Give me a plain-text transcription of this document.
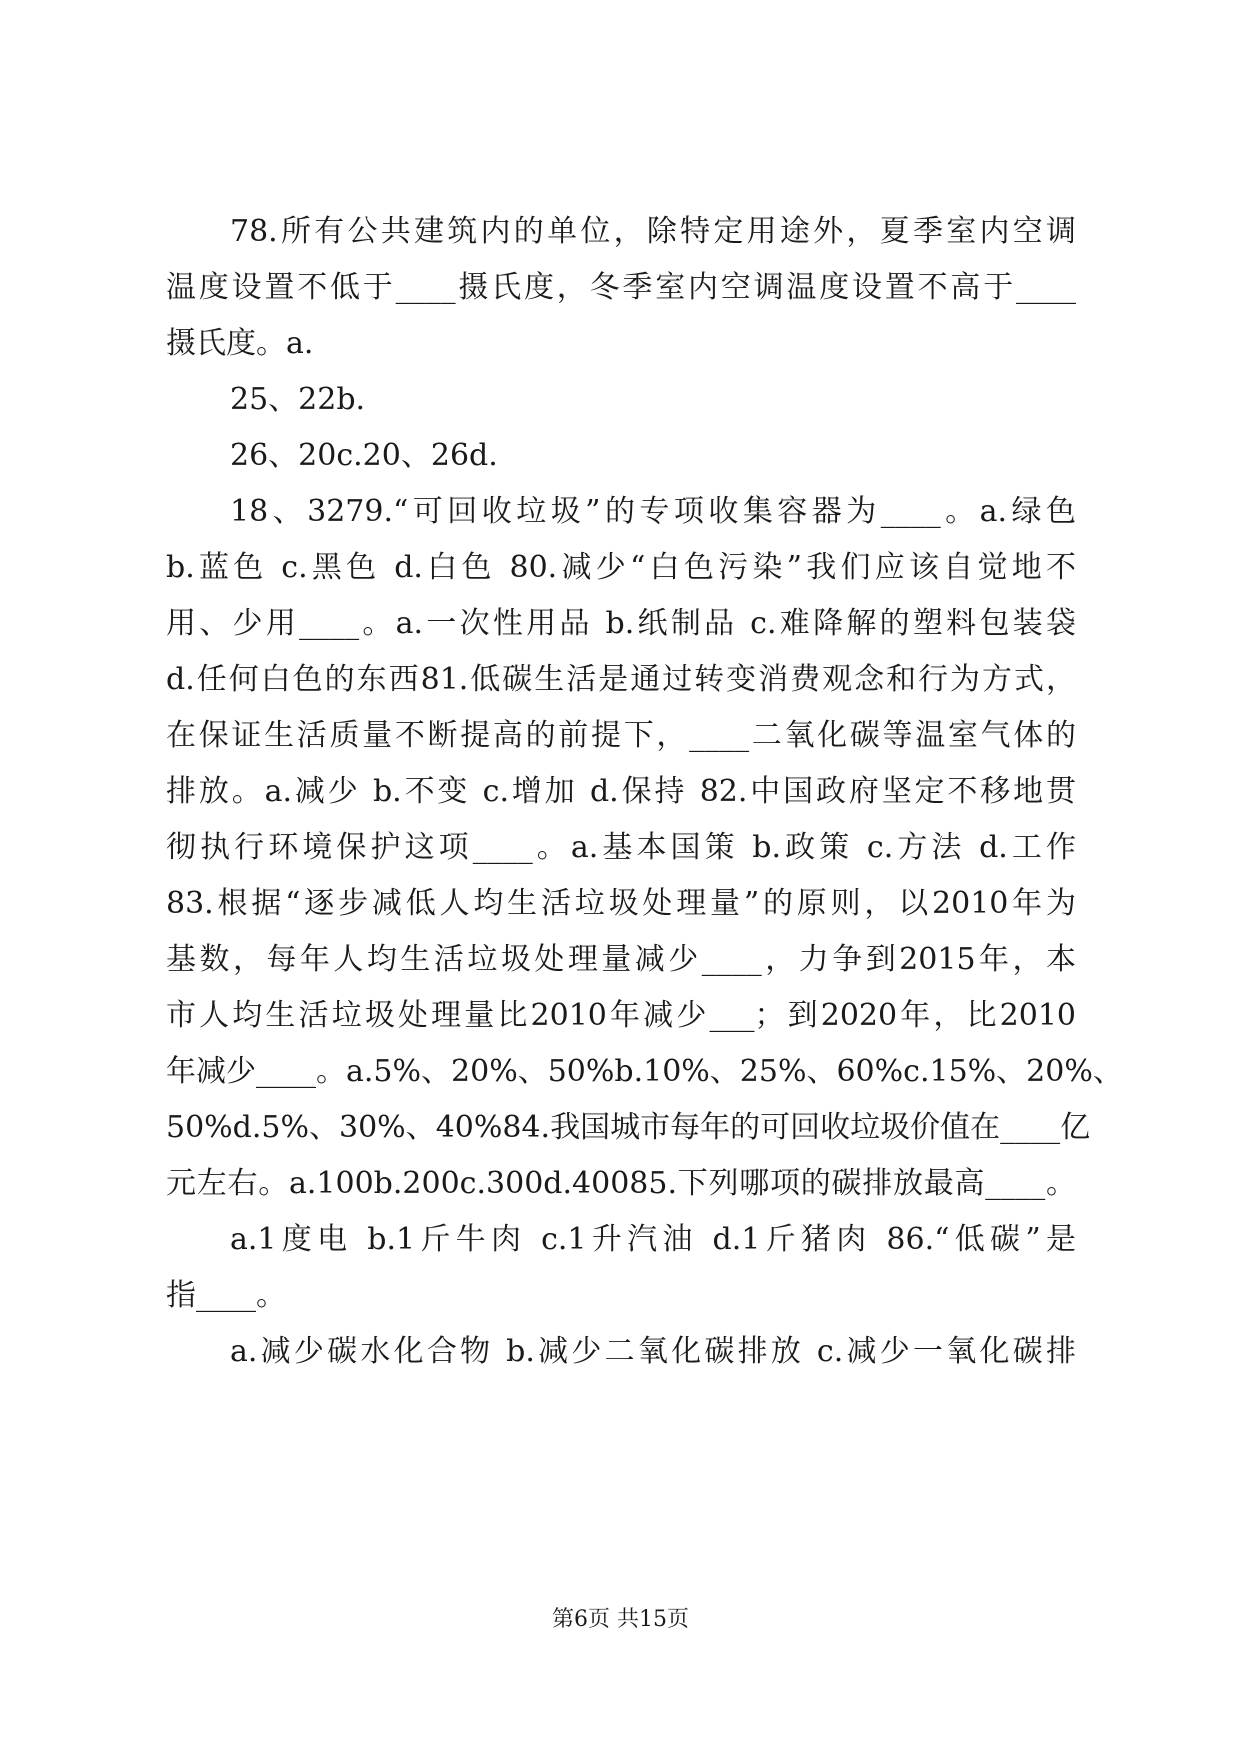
78.所有公共建筑内的单位，除特定用途外，夏季室内空调
温度设置不低于____摄氏度，冬季室内空调温度设置不高于____
摄氏度。a.
25、22b.
26、20c.20、26d.
18、3279.“可回收垃圾”的专项收集容器为____。a.绿色
b.蓝色 c.黑色 d.白色 80.减少“白色污染”我们应该自觉地不
用、少用____。a.一次性用品 b.纸制品 c.难降解的塑料包装袋
d.任何白色的东西81.低碳生活是通过转变消费观念和行为方式，
在保证生活质量不断提高的前提下，____二氧化碳等温室气体的
排放。a.减少 b.不变 c.增加 d.保持 82.中国政府坚定不移地贯
彻执行环境保护这项____。a.基本国策 b.政策 c.方法 d.工作
83.根据“逐步减低人均生活垃圾处理量”的原则，以2010年为
基数，每年人均生活垃圾处理量减少____，力争到2015年，本
市人均生活垃圾处理量比2010年减少___；到2020年，比2010
年减少____。a.5%、20%、50%b.10%、25%、60%c.15%、20%、
50%d.5%、30%、40%84.我国城市每年的可回收垃圾价值在____亿
元左右。a.100b.200c.300d.40085.下列哪项的碳排放最高____。
a.1度电 b.1斤牛肉 c.1升汽油 d.1斤猪肉 86.“低碳”是
指____。
a.减少碳水化合物 b.减少二氧化碳排放 c.减少一氧化碳排
第6页 共15页
